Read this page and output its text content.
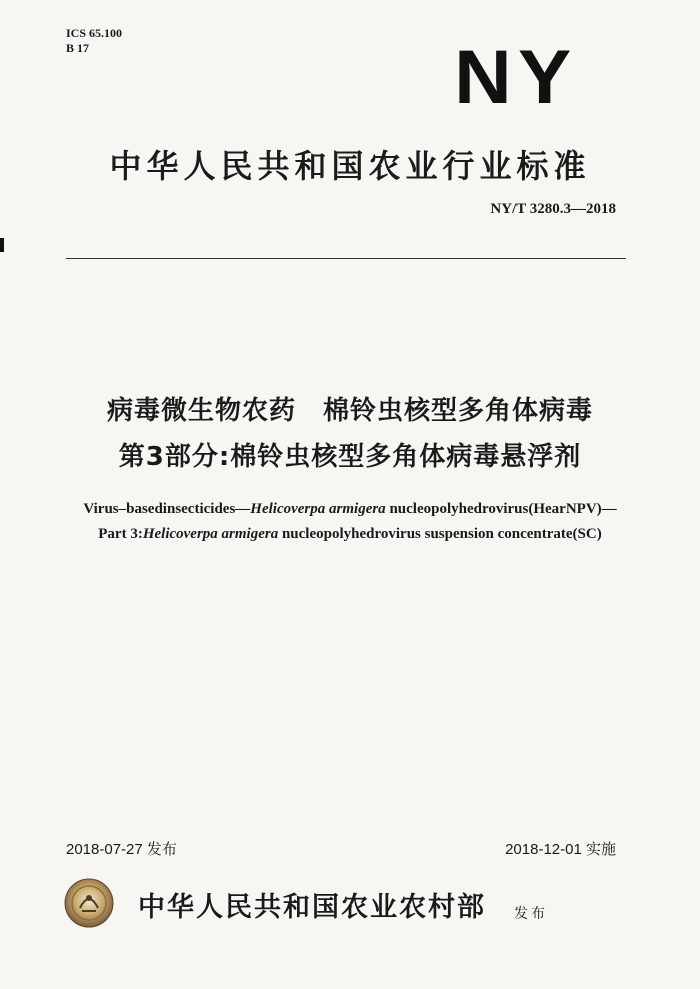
ICS 65.100
B 17	NY
中华人民共和国农业行业标准
NY/T 3280.3—2018
病毒微生物农药　棉铃虫核型多角体病毒
第3部分:棉铃虫核型多角体病毒悬浮剂
Virus–basedinsecticides—Helicoverpa armigera nucleopolyhedrovirus(HearNPV)—
Part 3:Helicoverpa armigera nucleopolyhedrovirus suspension concentrate(SC)
2018-07-27 发布	2018-12-01 实施
中华人民共和国农业农村部 发布
